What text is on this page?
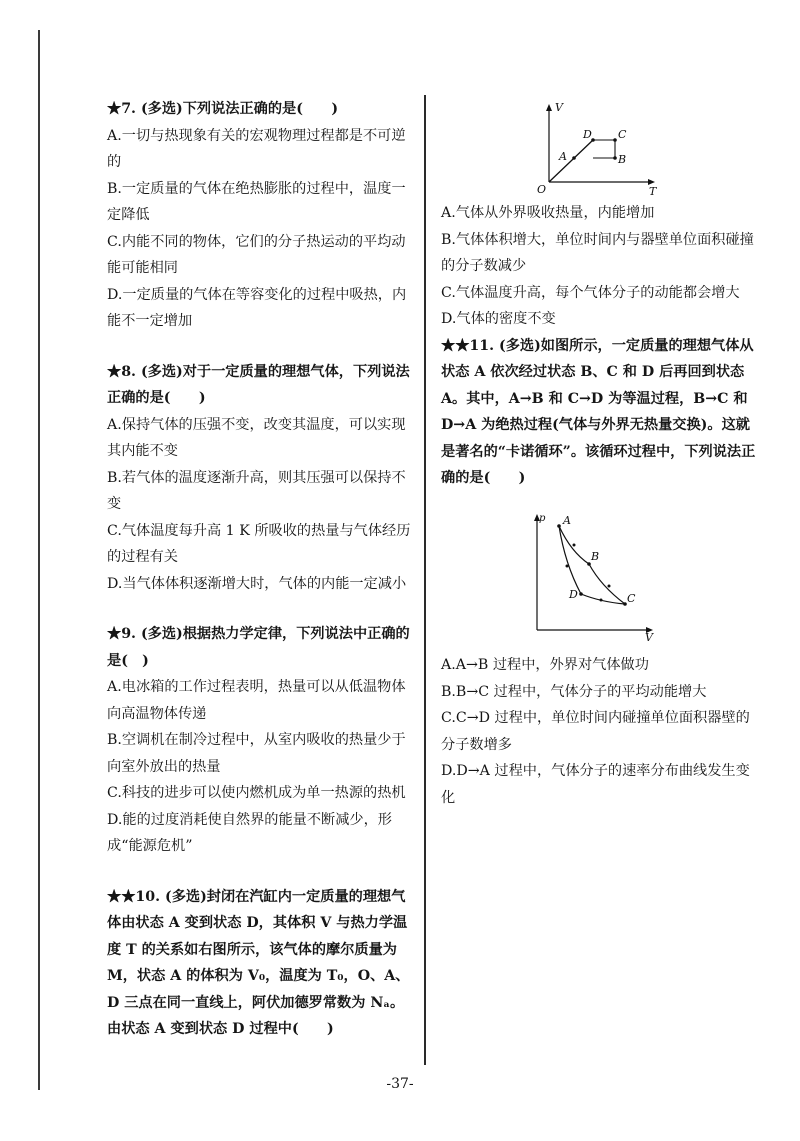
★7. (多选)下列说法正确的是(　　)

A.一切与热现象有关的宏观物理过程都是不可逆的

B.一定质量的气体在绝热膨胀的过程中，温度一定降低

C.内能不同的物体，它们的分子热运动的平均动能可能相同

D.一定质量的气体在等容变化的过程中吸热，内能不一定增加

★8. (多选)对于一定质量的理想气体，下列说法正确的是(　　)

A.保持气体的压强不变，改变其温度，可以实现其内能不变

B.若气体的温度逐渐升高，则其压强可以保持不变

C.气体温度每升高 1 K 所吸收的热量与气体经历的过程有关

D.当气体体积逐渐增大时，气体的内能一定减小

★9. (多选)根据热力学定律，下列说法中正确的是(　)

A.电冰箱的工作过程表明，热量可以从低温物体向高温物体传递

B.空调机在制冷过程中，从室内吸收的热量少于向室外放出的热量

C.科技的进步可以使内燃机成为单一热源的热机

D.能的过度消耗使自然界的能量不断减少，形成“能源危机”

★★10. (多选)封闭在汽缸内一定质量的理想气体由状态 A 变到状态 D，其体积 V 与热力学温度 T 的关系如右图所示，该气体的摩尔质量为 M，状态 A 的体积为 V₀，温度为 T₀，O、A、D 三点在同一直线上，阿伏加德罗常数为 Nₐ。由状态 A 变到状态 D 过程中(　　)

V
T
O
A	B
C
D

A.气体从外界吸收热量，内能增加

B.气体体积增大，单位时间内与器壁单位面积碰撞的分子数减少

C.气体温度升高，每个气体分子的动能都会增大

D.气体的密度不变

★★11. (多选)如图所示，一定质量的理想气体从状态 A 依次经过状态 B、C 和 D 后再回到状态 A。其中，A→B 和 C→D 为等温过程，B→C 和 D→A 为绝热过程(气体与外界无热量交换)。这就是著名的“卡诺循环”。该循环过程中，下列说法正确的是(　　)

p
V
A
B
C
D

A.A→B 过程中，外界对气体做功

B.B→C 过程中，气体分子的平均动能增大

C.C→D 过程中，单位时间内碰撞单位面积器壁的分子数增多

D.D→A 过程中，气体分子的速率分布曲线发生变化

-37-
